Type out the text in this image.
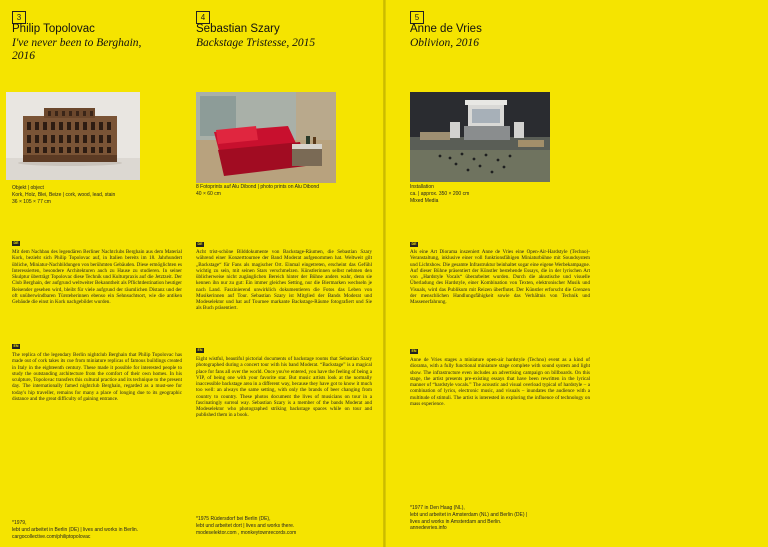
3
Philip Topolovac
I've never been to Berghain,
2016
Objekt | object
Kork, Holz, Blei, Beize | cork, wood, lead, stain
36 × 105 × 77 cm
DE
Mit dem Nachbau des legendären Berliner Nachtclubs Berghain aus dem Material Kork, bezieht sich Philip Topolovac auf, in Italien bereits im 18. Jahrhundert übliche, Miniatur-Nachbildungen von berühmten Gebäuden. Diese ermöglichten es Interessierten, besondere Architekturen auch zu Hause zu studieren. In seiner Skulptur überträgt Topolovac diese Technik und Kulturpraxis auf die Jetztzeit. Der Club Berghain, der aufgrund weltweiter Bekanntheit als Pflichtdestination heutiger Reisender gesehen wird, bleibt für viele aufgrund der räumlichen Distanz und der oft unüberwindbaren Türsteherinnen ebenso ein Sehnsuchtsort, wie die antiken Gebäude die einst in Kork nachgebildet wurden.
EN
The replica of the legendary Berlin nightclub Berghain that Philip Topolovac has made out of cork takes its cue from miniature replicas of famous buildings created in Italy in the eighteenth century. These made it possible for interested people to study the outstanding architecture from the comfort of their own homes. In his sculpture, Topolovac transfers this cultural practice and its technique to the present day. The internationally famed nightclub Berghain, regarded as a must-see for today's hip traveller, remains for many a place of longing due to its geographic distance and the great difficulty of gaining entrance.
*1979,
lebt und arbeitet in Berlin (DE) | lives and works in Berlin.
cargocollective.com/philiptopolovac
4
Sebastian Szary
Backstage Tristesse, 2015
8 Fotoprints auf Alu Dibond | photo prints on Alu Dibond
40 × 60 cm
DE
Acht trist-schöne Bilddokumente von Backstage-Räumen, die Sebastian Szary während einer Konzerttournee der Band Moderat aufgenommen hat. Weltweit gilt „Backstage“ für Fans als magischer Ort. Einmal eingetreten, erscheint das Gefühl wichtig zu sein, mit seinen Stars verschmelzen. Künstlerinnen selbst nehmen den üblicherweise nicht zugänglichen Bereich hinter der Bühne anders wahr, denn sie kennen ihn nur zu gut: Ein immer gleiches Setting, nur die Biermarken wechseln je nach Land. Faszinierend unwirklich dokumentieren die Fotos das Leben von Musikerinnen auf Tour. Sebastian Szary ist Mitglied der Bands Moderat und Modeselektor und hat auf Tournee markante Backstage-Räume fotografiert und Sie als Buch präsentiert.
EN
Eight wistful, beautiful pictorial documents of backstage rooms that Sebastian Szary photographed during a concert tour with his band Moderat. “Backstage” is a magical place for fans all over the world. Once you've entered, you have the feeling of being a VIP, of being one with your favorite star. But music artists look at the normally inaccessible backstage area in a different way, because they have got to know it much too well: an always the same setting, with only the brands of beer changing from country to country. These photos document the lives of musicians on tour in a fascinatingly surreal way. Sebastian Szary is a member of the bands Moderat and Modeselektor who photographed striking backstage spaces while on tour and published them in a book.
*1975 Rüdersdorf bei Berlin (DE),
lebt und arbeitet dort | lives and works there.
modeselektor.com , monkeytownrecords.com
5
Anne de Vries
Oblivion, 2016
Installation
ca. | approx. 350 × 200 cm
Mixed Media
DE
Als eine Art Diorama inszeniert Anne de Vries eine Open-Air-Hardstyle (Techno)-Veranstaltung, inklusive einer voll funktionsfähigen Miniaturbühne mit Soundsystem und Lichtshow. Die gesamte Infrastruktur beinhaltet sogar eine eigene Werbekampagne. Auf dieser Bühne präsentiert der Künstler bestehende Essays, die in der lyrischen Art von „Hardstyle Vocals“ überarbeitet wurden. Durch die akustische und visuelle Überladung des Hardstyle, einer Kombination von Texten, elektronischer Musik und Visuals, wird das Publikum mit Reizen überflutet. Der Künstler erforscht die Grenzen der menschlichen Handlungsfähigkeit sowie das Verhältnis von Technik und Massenerfahrung.
EN
Anne de Vries stages a miniature open-air hardstyle (Techno) event as a kind of diorama, with a fully functional miniature stage complete with sound system and light show. The infrastructure even includes an advertising campaign on billboards. On this stage, the artist presents pre-existing essays that have been rewritten in the lyrical manner of “hardstyle vocals.” The acoustic and visual overload typical of hardstyle – a combination of lyrics, electronic music, and visuals – inundates the audience with a multitude of stimuli. The artist is interested in exploring the influence of technology on mass experience.
*1977 in Den Haag (NL),
lebt und arbeitet in Amsterdam (NL) and Berlin (DE) |
lives and works in Amsterdam and Berlin.
annedevries.info
